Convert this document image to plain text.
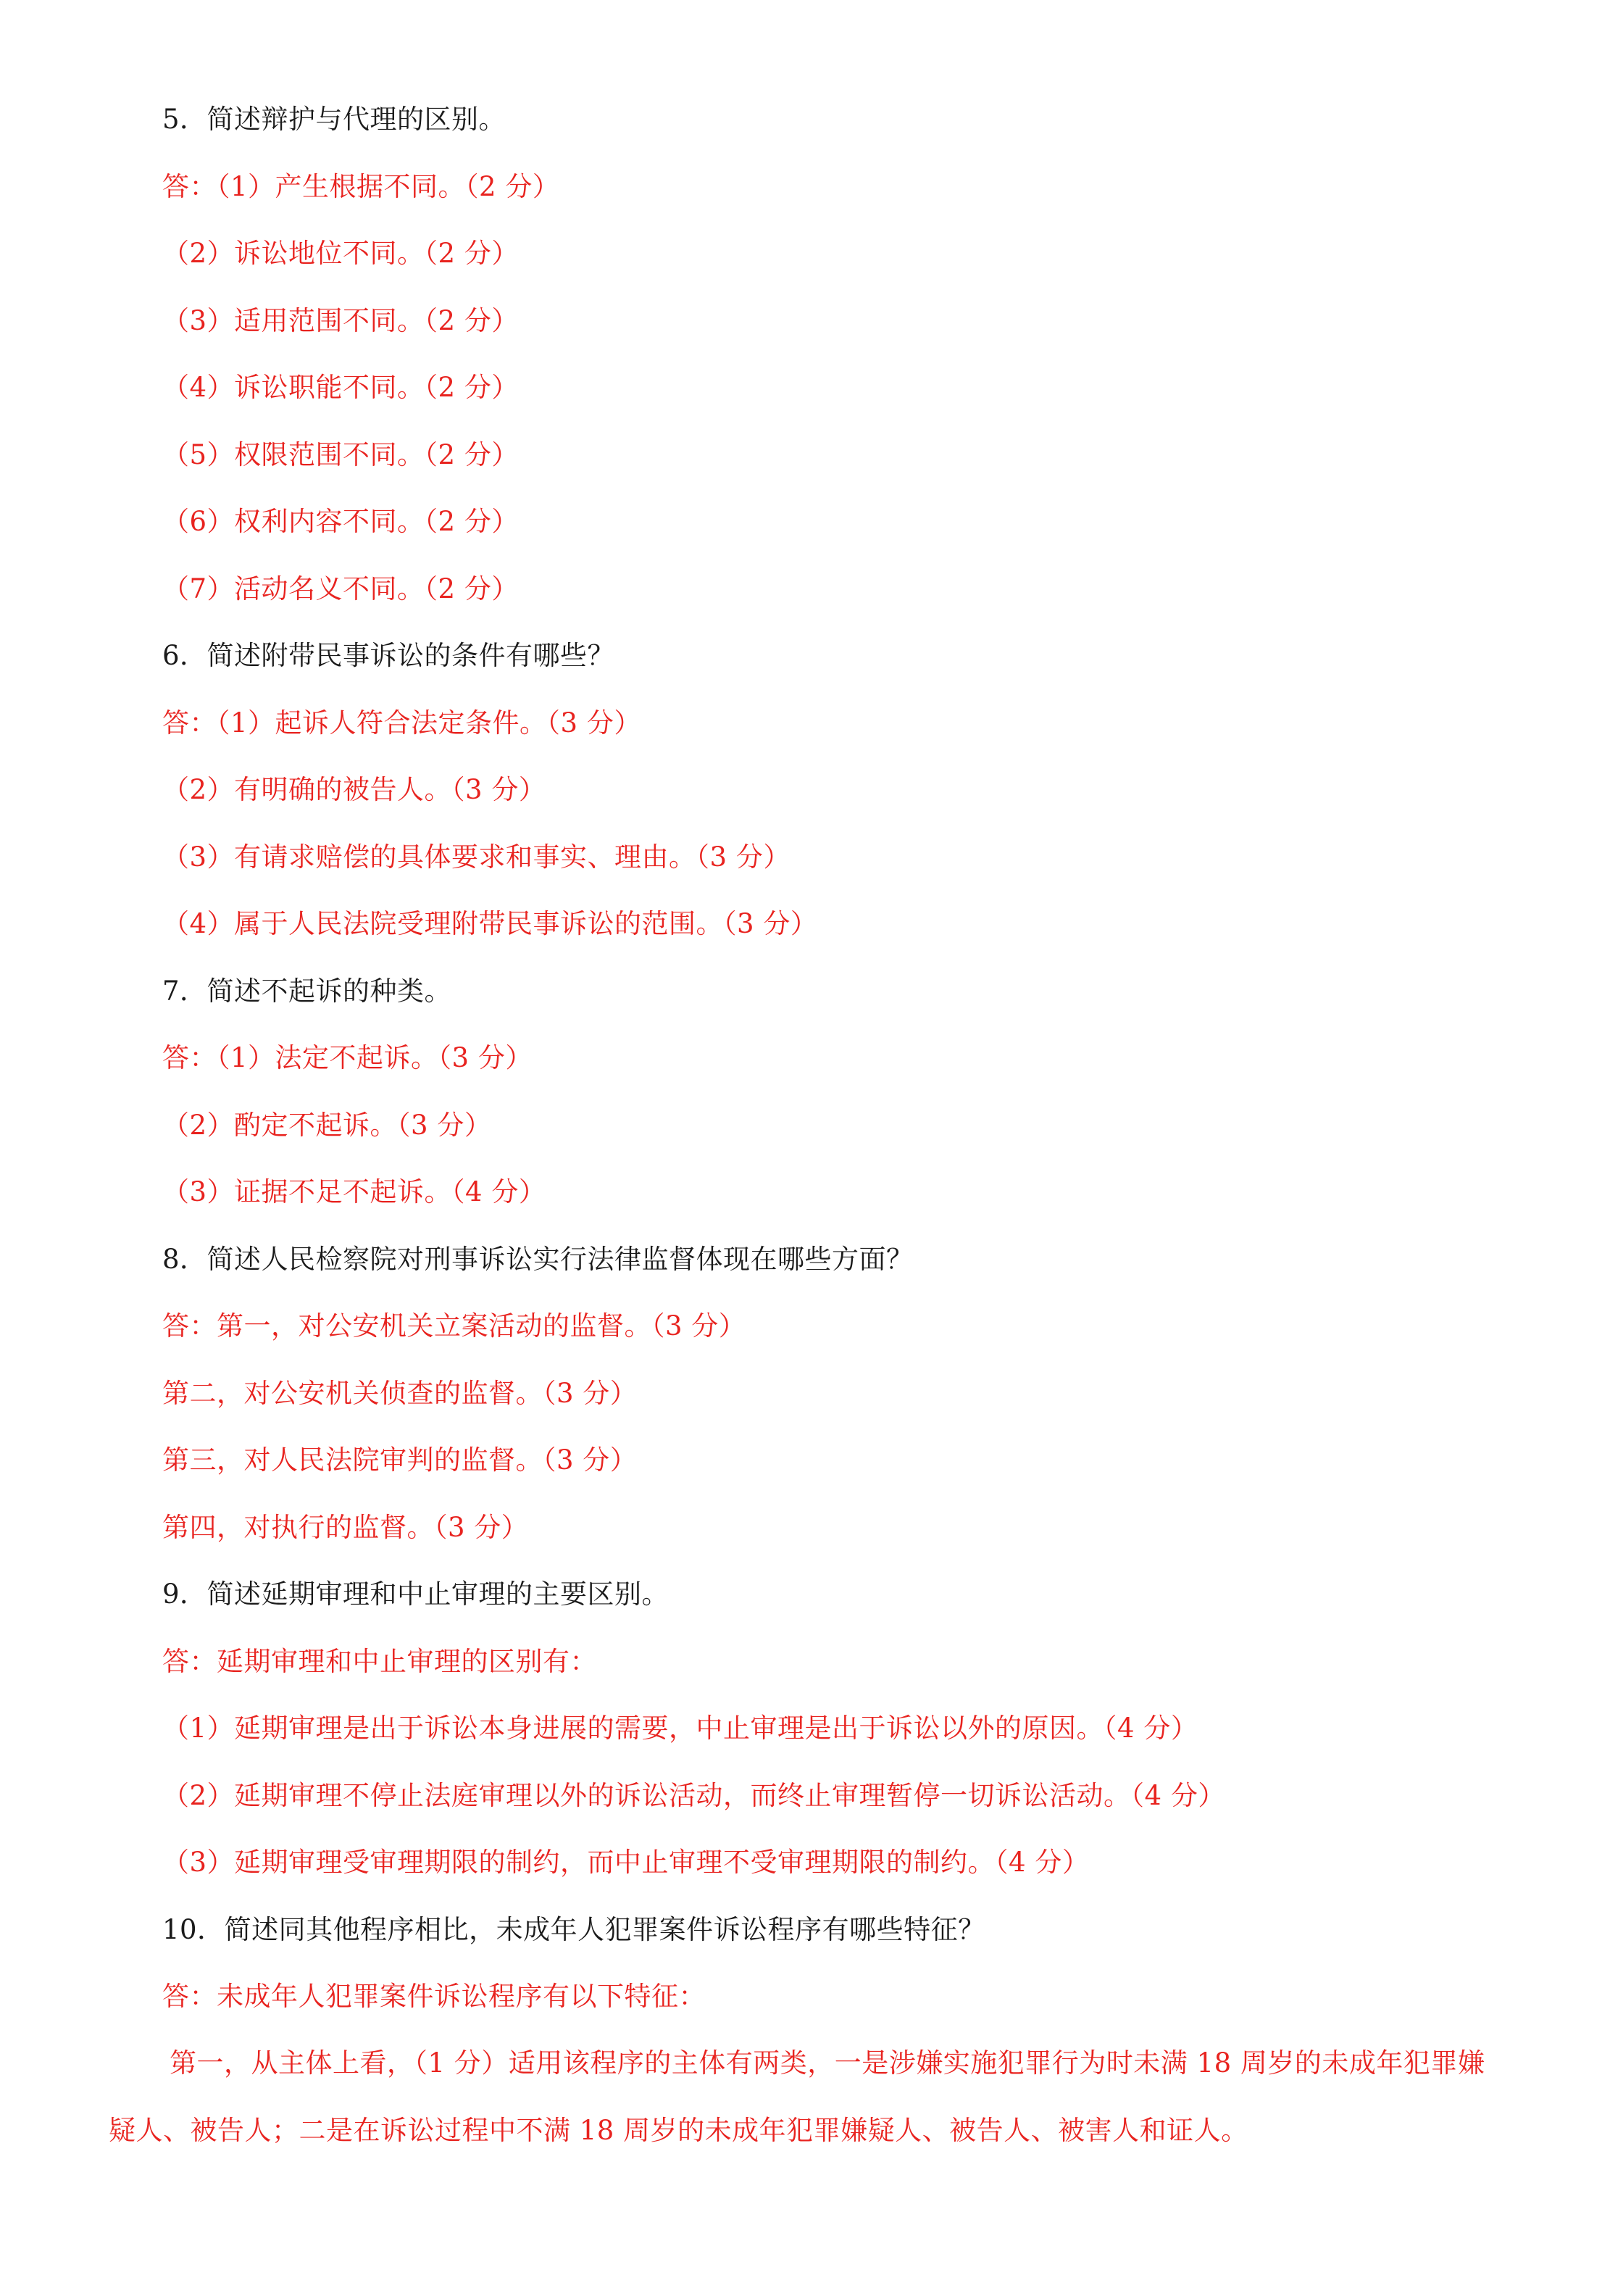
5．简述辩护与代理的区别。
答：（1）产生根据不同。（2 分）
（2）诉讼地位不同。（2 分）
（3）适用范围不同。（2 分）
（4）诉讼职能不同。（2 分）
（5）权限范围不同。（2 分）
（6）权利内容不同。（2 分）
（7）活动名义不同。（2 分）
6．简述附带民事诉讼的条件有哪些？
答：（1）起诉人符合法定条件。（3 分）
（2）有明确的被告人。（3 分）
（3）有请求赔偿的具体要求和事实、理由。（3 分）
（4）属于人民法院受理附带民事诉讼的范围。（3 分）
7．简述不起诉的种类。
答：（1）法定不起诉。（3 分）
（2）酌定不起诉。（3 分）
（3）证据不足不起诉。（4 分）
8．简述人民检察院对刑事诉讼实行法律监督体现在哪些方面？
答：第一，对公安机关立案活动的监督。（3 分）
第二，对公安机关侦查的监督。（3 分）
第三，对人民法院审判的监督。（3 分）
第四，对执行的监督。（3 分）
9．简述延期审理和中止审理的主要区别。
答：延期审理和中止审理的区别有：
（1）延期审理是出于诉讼本身进展的需要，中止审理是出于诉讼以外的原因。（4 分）
（2）延期审理不停止法庭审理以外的诉讼活动，而终止审理暂停一切诉讼活动。（4 分）
（3）延期审理受审理期限的制约，而中止审理不受审理期限的制约。（4 分）
10．简述同其他程序相比，未成年人犯罪案件诉讼程序有哪些特征？
答：未成年人犯罪案件诉讼程序有以下特征：
第一，从主体上看，（1 分）适用该程序的主体有两类，一是涉嫌实施犯罪行为时未满 18 周岁的未成年犯罪嫌疑人、被告人；二是在诉讼过程中不满 18 周岁的未成年犯罪嫌疑人、被告人、被害人和证人。
